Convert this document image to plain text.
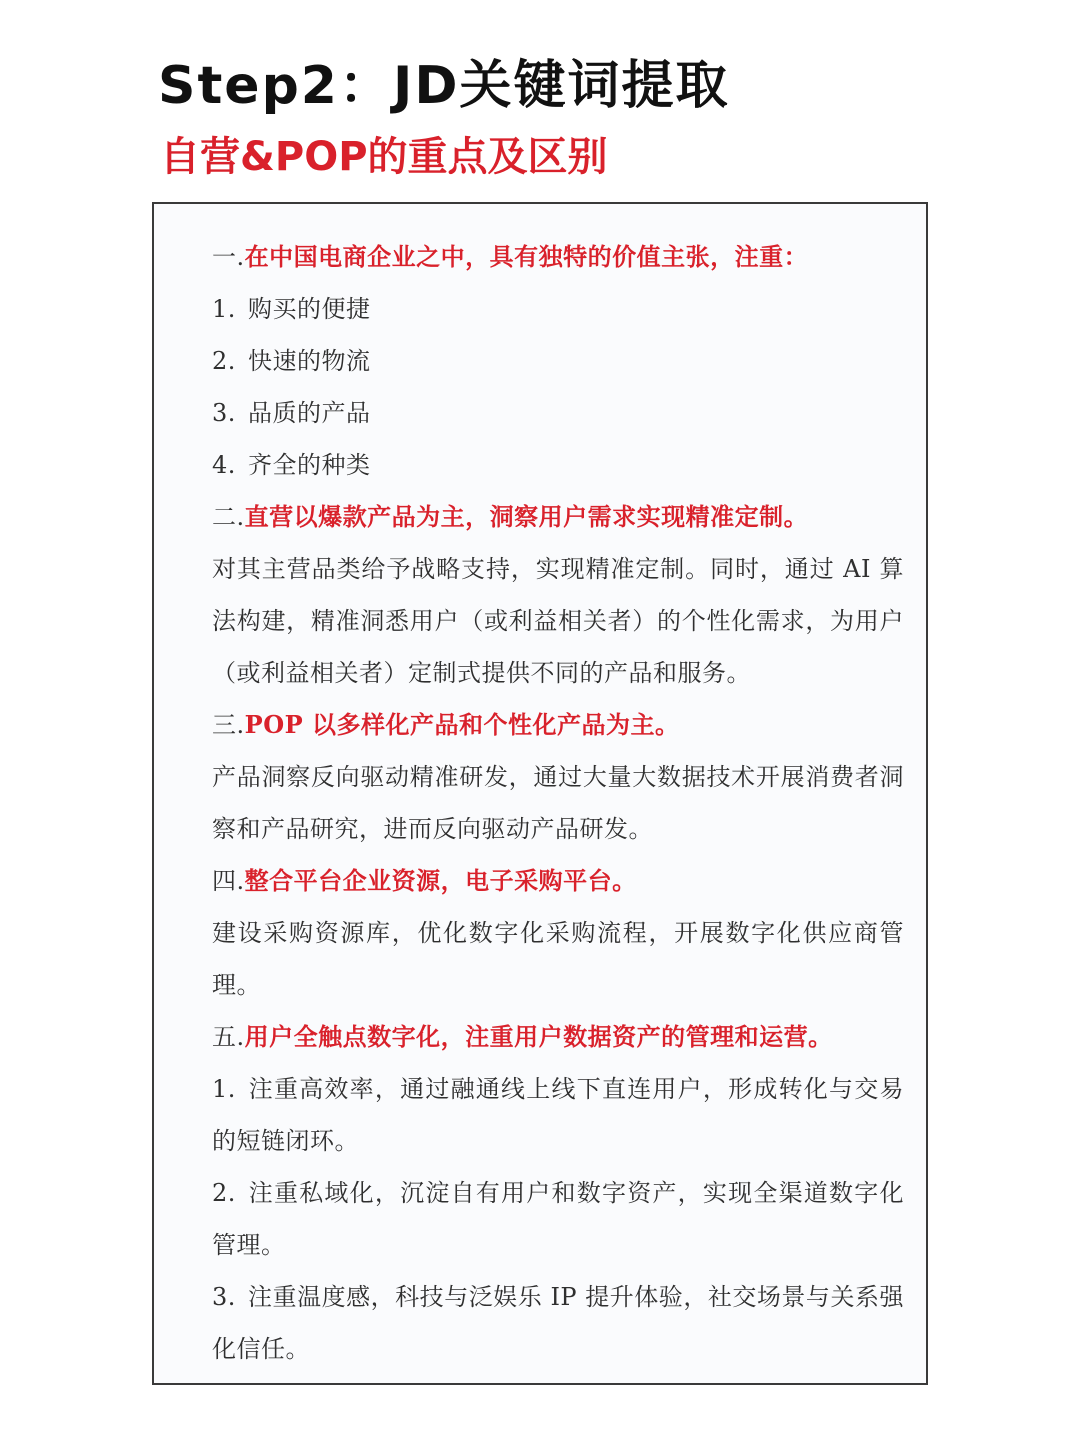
Step2：JD关键词提取
自营&POP的重点及区别
一.在中国电商企业之中，具有独特的价值主张，注重：
1. 购买的便捷
2. 快速的物流
3. 品质的产品
4. 齐全的种类
二.直营以爆款产品为主，洞察用户需求实现精准定制。
对其主营品类给予战略支持，实现精准定制。同时，通过 AI 算法构建，精准洞悉用户（或利益相关者）的个性化需求，为用户（或利益相关者）定制式提供不同的产品和服务。
三.POP 以多样化产品和个性化产品为主。
产品洞察反向驱动精准研发，通过大量大数据技术开展消费者洞察和产品研究，进而反向驱动产品研发。
四.整合平台企业资源，电子采购平台。
建设采购资源库，优化数字化采购流程，开展数字化供应商管理。
五.用户全触点数字化，注重用户数据资产的管理和运营。
1. 注重高效率，通过融通线上线下直连用户，形成转化与交易的短链闭环。
2. 注重私域化，沉淀自有用户和数字资产，实现全渠道数字化管理。
3. 注重温度感，科技与泛娱乐 IP 提升体验，社交场景与关系强化信任。
